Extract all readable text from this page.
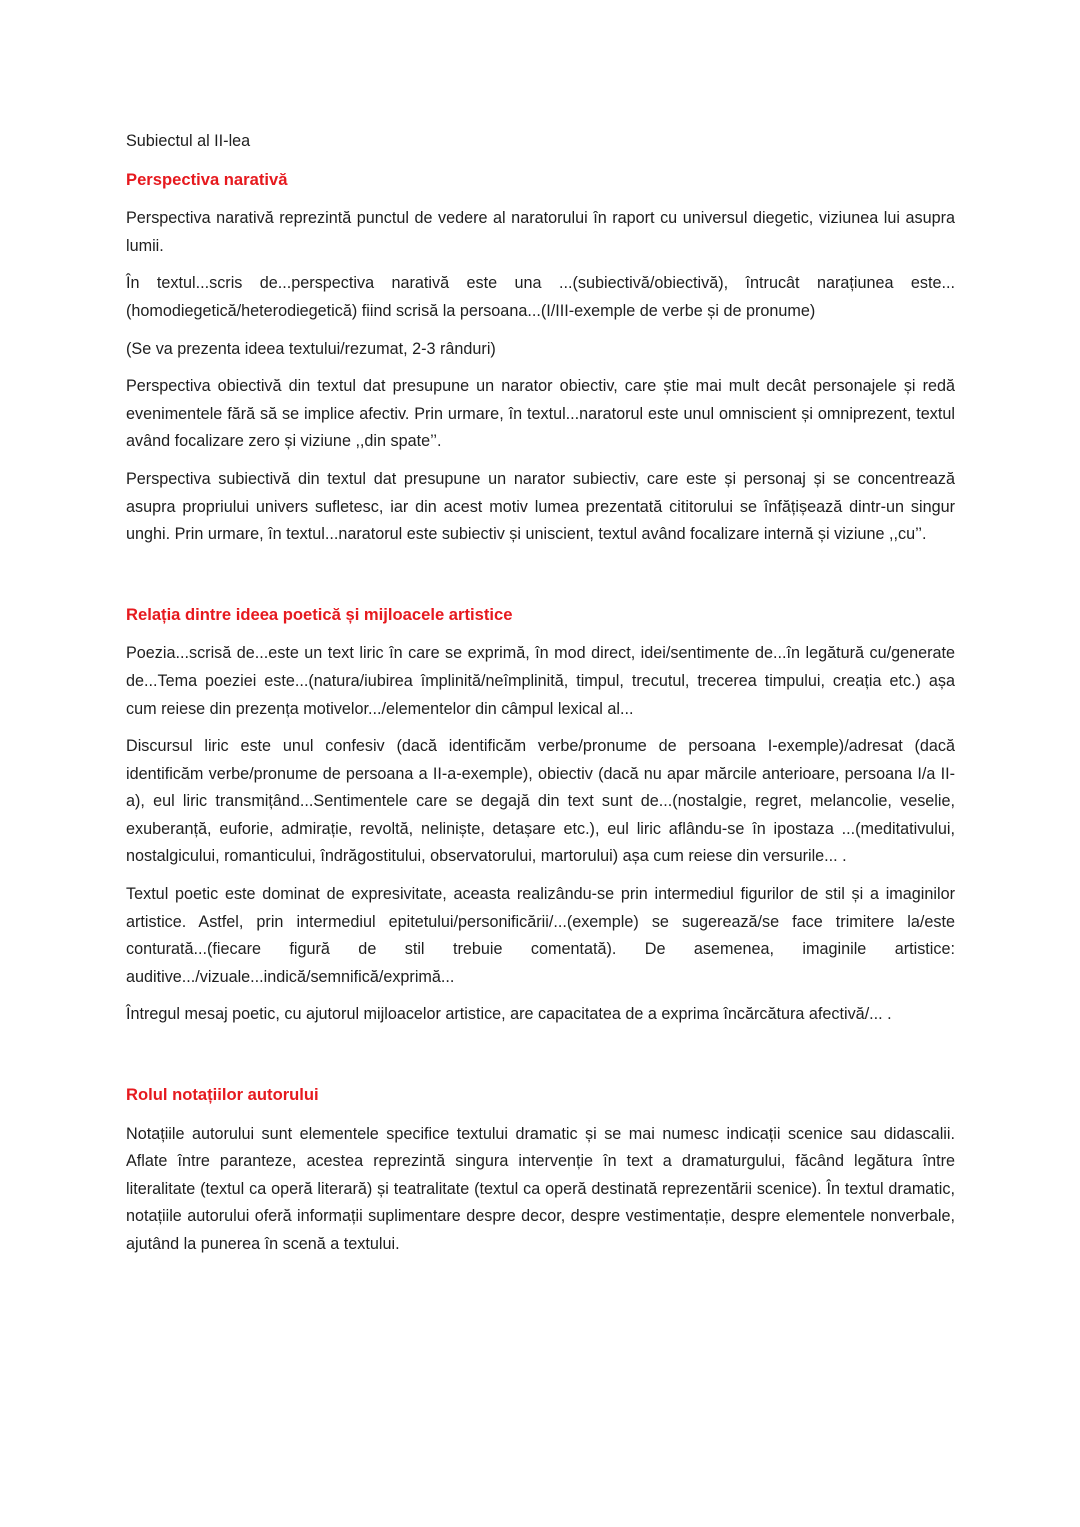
Subiectul al II-lea

Perspectiva narativă

Perspectiva narativă reprezintă punctul de vedere al naratorului în raport cu universul diegetic, viziunea lui asupra lumii.

În textul...scris de...perspectiva narativă este una ...(subiectivă/obiectivă), întrucât narațiunea este...(homodiegetică/heterodiegetică) fiind scrisă la persoana...(I/III-exemple de verbe și de pronume)

(Se va prezenta ideea textului/rezumat, 2-3 rânduri)

Perspectiva obiectivă din textul dat presupune un narator obiectiv, care știe mai mult decât personajele și redă evenimentele fără să se implice afectiv. Prin urmare, în textul...naratorul este unul omniscient și omniprezent, textul având focalizare zero și viziune ,,din spate’’.

Perspectiva subiectivă din textul dat presupune un narator subiectiv, care este și personaj și se concentrează asupra propriului univers sufletesc, iar din acest motiv lumea prezentată cititorului se înfățișează dintr-un singur unghi. Prin urmare, în textul...naratorul este subiectiv și uniscient, textul având focalizare internă și viziune ,,cu’’.

Relația dintre ideea poetică și mijloacele artistice

Poezia...scrisă de...este un text liric în care se exprimă, în mod direct, idei/sentimente de...în legătură cu/generate de...Tema poeziei este...(natura/iubirea împlinită/neîmplinită, timpul, trecutul, trecerea timpului, creația etc.) așa cum reiese din prezența motivelor.../elementelor din câmpul lexical al...

Discursul liric este unul confesiv (dacă identificăm verbe/pronume de persoana I-exemple)/adresat (dacă identificăm verbe/pronume de persoana a II-a-exemple), obiectiv (dacă nu apar mărcile anterioare, persoana I/a II-a), eul liric transmițând...Sentimentele care se degajă din text sunt de...(nostalgie, regret, melancolie, veselie, exuberanță, euforie, admirație, revoltă, neliniște, detașare etc.), eul liric aflându-se în ipostaza ...(meditativului, nostalgicului, romanticului, îndrăgostitului, observatorului, martorului) așa cum reiese din versurile... .

Textul poetic este dominat de expresivitate, aceasta realizându-se prin intermediul figurilor de stil și a imaginilor artistice. Astfel, prin intermediul epitetului/personificării/...(exemple) se sugerează/se face trimitere la/este conturată...(fiecare figură de stil trebuie comentată). De asemenea, imaginile artistice: auditive.../vizuale...indică/semnifică/exprimă...

Întregul mesaj poetic, cu ajutorul mijloacelor artistice, are capacitatea de a exprima încărcătura afectivă/... .

Rolul notațiilor autorului

Notațiile autorului sunt elementele specifice textului dramatic și se mai numesc indicații scenice sau didascalii. Aflate între paranteze, acestea reprezintă singura intervenție în text a dramaturgului, făcând legătura între literalitate (textul ca operă literară) și teatralitate (textul ca operă destinată reprezentării scenice). În textul dramatic, notațiile autorului oferă informații suplimentare despre decor, despre vestimentație, despre elementele nonverbale, ajutând la punerea în scenă a textului.
